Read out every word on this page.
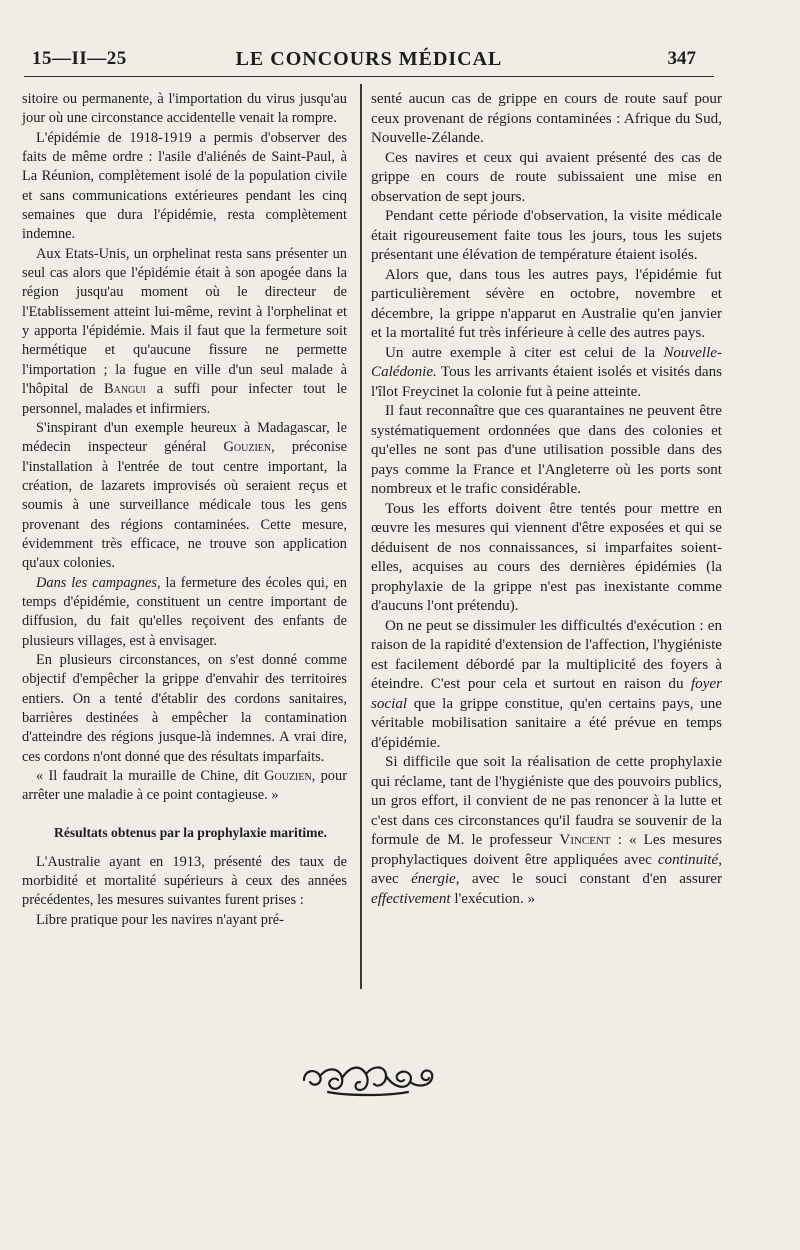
15—II—25	LE CONCOURS MÉDICAL	347

sitoire ou permanente, à l'importation du virus jusqu'au jour où une circonstance accidentelle venait la rompre.

L'épidémie de 1918-1919 a permis d'observer des faits de même ordre : l'asile d'aliénés de Saint-Paul, à La Réunion, complètement isolé de la population civile et sans communications extérieures pendant les cinq semaines que dura l'épidémie, resta complètement indemne.

Aux Etats-Unis, un orphelinat resta sans présenter un seul cas alors que l'épidémie était à son apogée dans la région jusqu'au moment où le directeur de l'Etablissement atteint lui-même, revint à l'orphelinat et y apporta l'épidémie. Mais il faut que la fermeture soit hermétique et qu'aucune fissure ne permette l'importation ; la fugue en ville d'un seul malade à l'hôpital de Bangui a suffi pour infecter tout le personnel, malades et infirmiers.

S'inspirant d'un exemple heureux à Madagascar, le médecin inspecteur général Gouzien, préconise l'installation à l'entrée de tout centre important, la création, de lazarets improvisés où seraient reçus et soumis à une surveillance médicale tous les gens provenant des régions contaminées. Cette mesure, évidemment très efficace, ne trouve son application qu'aux colonies.

Dans les campagnes, la fermeture des écoles qui, en temps d'épidémie, constituent un centre important de diffusion, du fait qu'elles reçoivent des enfants de plusieurs villages, est à envisager.

En plusieurs circonstances, on s'est donné comme objectif d'empêcher la grippe d'envahir des territoires entiers. On a tenté d'établir des cordons sanitaires, barrières destinées à empêcher la contamination d'atteindre des régions jusque-là indemnes. A vrai dire, ces cordons n'ont donné que des résultats imparfaits.

« Il faudrait la muraille de Chine, dit Gouzien, pour arrêter une maladie à ce point contagieuse. »

Résultats obtenus par la prophylaxie maritime.

L'Australie ayant en 1913, présenté des taux de morbidité et mortalité supérieurs à ceux des années précédentes, les mesures suivantes furent prises :

Libre pratique pour les navires n'ayant pré-

senté aucun cas de grippe en cours de route sauf pour ceux provenant de régions contaminées : Afrique du Sud, Nouvelle-Zélande.

Ces navires et ceux qui avaient présenté des cas de grippe en cours de route subissaient une mise en observation de sept jours.

Pendant cette période d'observation, la visite médicale était rigoureusement faite tous les jours, tous les sujets présentant une élévation de température étaient isolés.

Alors que, dans tous les autres pays, l'épidémie fut particulièrement sévère en octobre, novembre et décembre, la grippe n'apparut en Australie qu'en janvier et la mortalité fut très inférieure à celle des autres pays.

Un autre exemple à citer est celui de la Nouvelle-Calédonie. Tous les arrivants étaient isolés et visités dans l'îlot Freycinet la colonie fut à peine atteinte.

Il faut reconnaître que ces quarantaines ne peuvent être systématiquement ordonnées que dans des colonies et qu'elles ne sont pas d'une utilisation possible dans des pays comme la France et l'Angleterre où les ports sont nombreux et le trafic considérable.

Tous les efforts doivent être tentés pour mettre en œuvre les mesures qui viennent d'être exposées et qui se déduisent de nos connaissances, si imparfaites soient-elles, acquises au cours des dernières épidémies (la prophylaxie de la grippe n'est pas inexistante comme d'aucuns l'ont prétendu).

On ne peut se dissimuler les difficultés d'exécution : en raison de la rapidité d'extension de l'affection, l'hygiéniste est facilement débordé par la multiplicité des foyers à éteindre. C'est pour cela et surtout en raison du foyer social que la grippe constitue, qu'en certains pays, une véritable mobilisation sanitaire a été prévue en temps d'épidémie.

Si difficile que soit la réalisation de cette prophylaxie qui réclame, tant de l'hygiéniste que des pouvoirs publics, un gros effort, il convient de ne pas renoncer à la lutte et c'est dans ces circonstances qu'il faudra se souvenir de la formule de M. le professeur Vincent : « Les mesures prophylactiques doivent être appliquées avec continuité, avec énergie, avec le souci constant d'en assurer effectivement l'exécution. »
